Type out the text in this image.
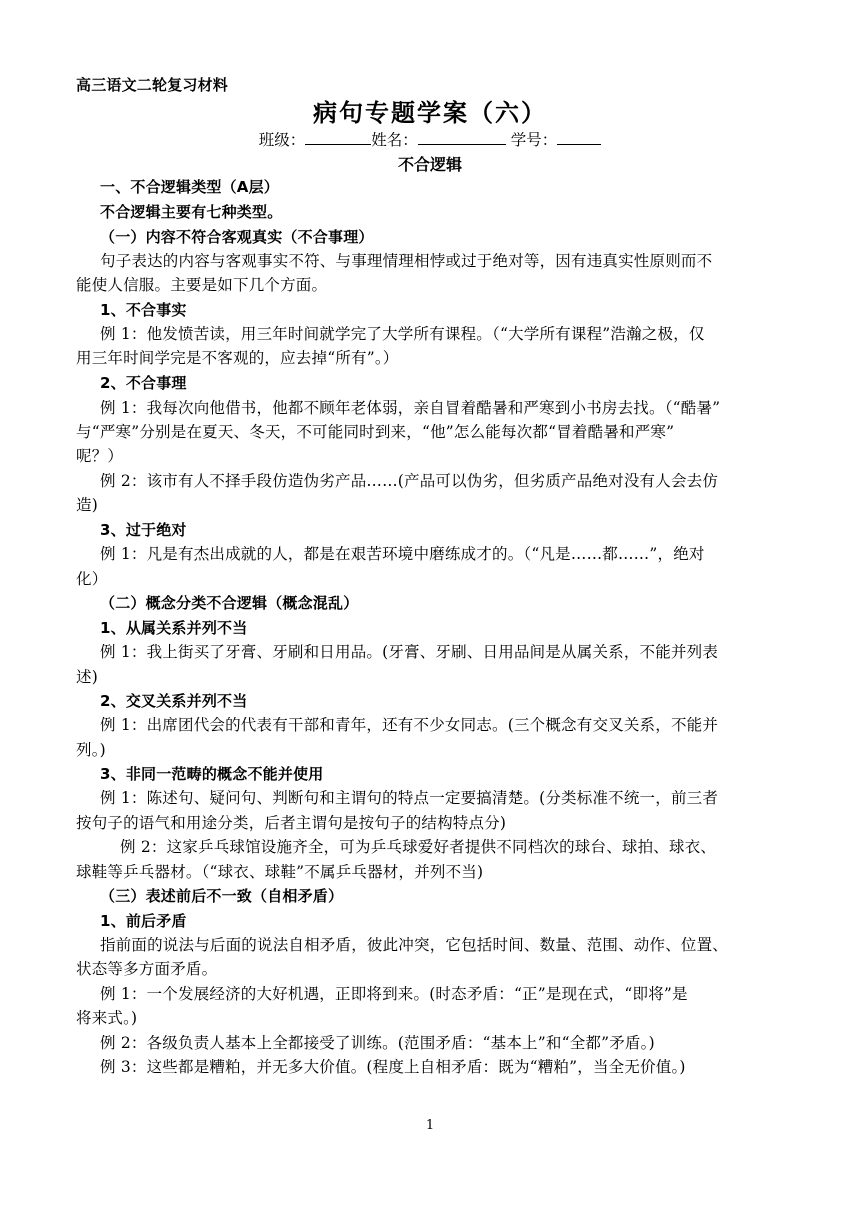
高三语文二轮复习材料
病句专题学案（六）
班级：	姓名：	学号：
不合逻辑
一、不合逻辑类型（A层）
不合逻辑主要有七种类型。
（一）内容不符合客观真实（不合事理）
句子表达的内容与客观事实不符、与事理情理相悖或过于绝对等，因有违真实性原则而不
能使人信服。主要是如下几个方面。
1、不合事实
例 1：他发愤苦读，用三年时间就学完了大学所有课程。（“大学所有课程”浩瀚之极，仅
用三年时间学完是不客观的，应去掉“所有”。）
2、不合事理
例 1：我每次向他借书，他都不顾年老体弱，亲自冒着酷暑和严寒到小书房去找。（“酷暑”
与“严寒”分别是在夏天、冬天，不可能同时到来，“他”怎么能每次都“冒着酷暑和严寒”
呢？）
例 2：该市有人不择手段仿造伪劣产品……(产品可以伪劣，但劣质产品绝对没有人会去仿
造)
3、过于绝对
例 1：凡是有杰出成就的人，都是在艰苦环境中磨练成才的。（“凡是……都……”，绝对
化）
（二）概念分类不合逻辑（概念混乱）
1、从属关系并列不当
例 1：我上街买了牙膏、牙刷和日用品。(牙膏、牙刷、日用品间是从属关系，不能并列表
述)
2、交叉关系并列不当
例 1：出席团代会的代表有干部和青年，还有不少女同志。(三个概念有交叉关系，不能并
列。)
3、非同一范畴的概念不能并使用
例 1：陈述句、疑问句、判断句和主谓句的特点一定要搞清楚。(分类标准不统一，前三者
按句子的语气和用途分类，后者主谓句是按句子的结构特点分)
例 2：这家乒乓球馆设施齐全，可为乒乓球爱好者提供不同档次的球台、球拍、球衣、
球鞋等乒乓器材。（“球衣、球鞋”不属乒乓器材，并列不当)
（三）表述前后不一致（自相矛盾）
1、前后矛盾
指前面的说法与后面的说法自相矛盾，彼此冲突，它包括时间、数量、范围、动作、位置、
状态等多方面矛盾。
例 1：一个发展经济的大好机遇，正即将到来。(时态矛盾：“正”是现在式，“即将”是
将来式。)
例 2：各级负责人基本上全都接受了训练。(范围矛盾：“基本上”和“全都”矛盾。)
例 3：这些都是糟粕，并无多大价值。(程度上自相矛盾：既为“糟粕”，当全无价值。)
1
